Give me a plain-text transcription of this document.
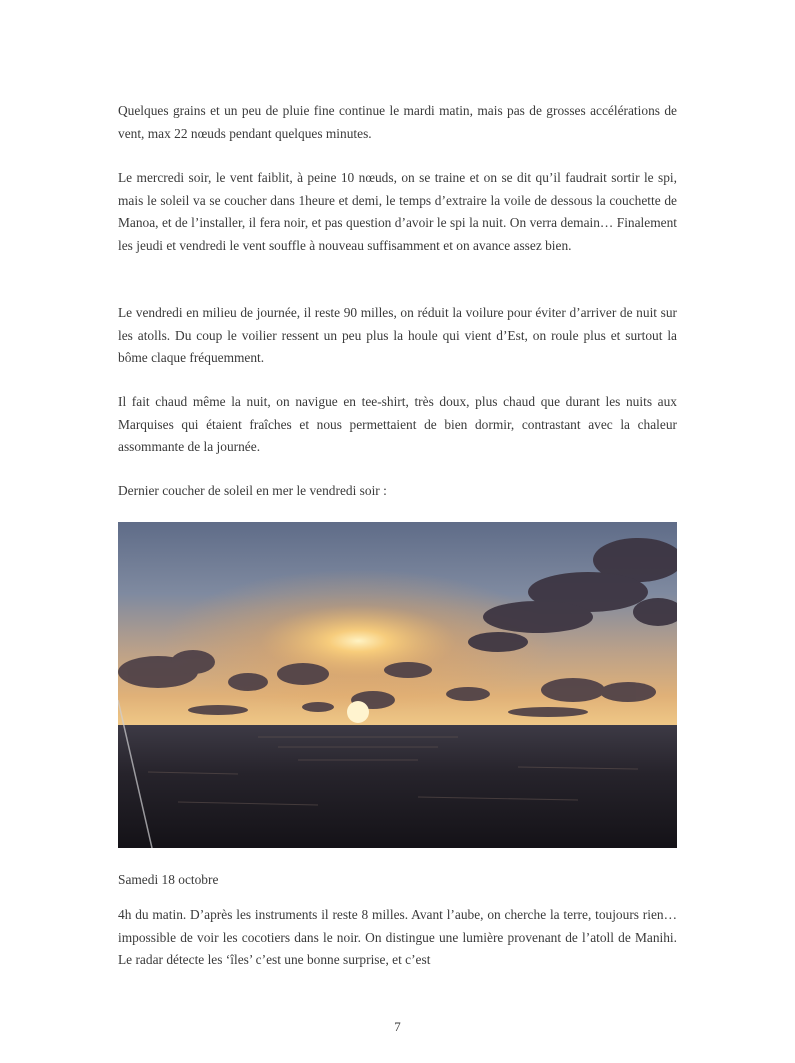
Quelques grains et un peu de pluie fine continue le mardi matin, mais pas de grosses accélérations de vent, max 22 nœuds pendant quelques minutes.

Le mercredi soir, le vent faiblit, à peine 10 nœuds, on se traine et on se dit qu’il faudrait sortir le spi, mais le soleil va se coucher dans 1heure et demi, le temps d’extraire la voile de dessous la couchette de Manoa, et de l’installer, il fera noir, et pas question d’avoir le spi la nuit. On verra demain… Finalement les jeudi et vendredi le vent souffle à nouveau suffisamment et on avance assez bien.

Le vendredi en milieu de journée, il reste 90 milles, on réduit la voilure pour éviter d’arriver de nuit sur les atolls. Du coup le voilier ressent un peu plus la houle qui vient d’Est, on roule plus et surtout la bôme claque fréquemment.

Il fait chaud même la nuit, on navigue en tee-shirt, très doux, plus chaud que durant les nuits aux Marquises qui étaient fraîches et nous permettaient de bien dormir, contrastant avec la chaleur assommante de la journée.

Dernier coucher de soleil en mer le vendredi soir :

Samedi 18 octobre

4h du matin. D’après les instruments il reste 8 milles. Avant l’aube, on cherche la terre, toujours rien… impossible de voir les cocotiers dans le noir. On distingue une lumière provenant de l’atoll de Manihi. Le radar détecte les ‘îles’ c’est une bonne surprise, et c’est

7
